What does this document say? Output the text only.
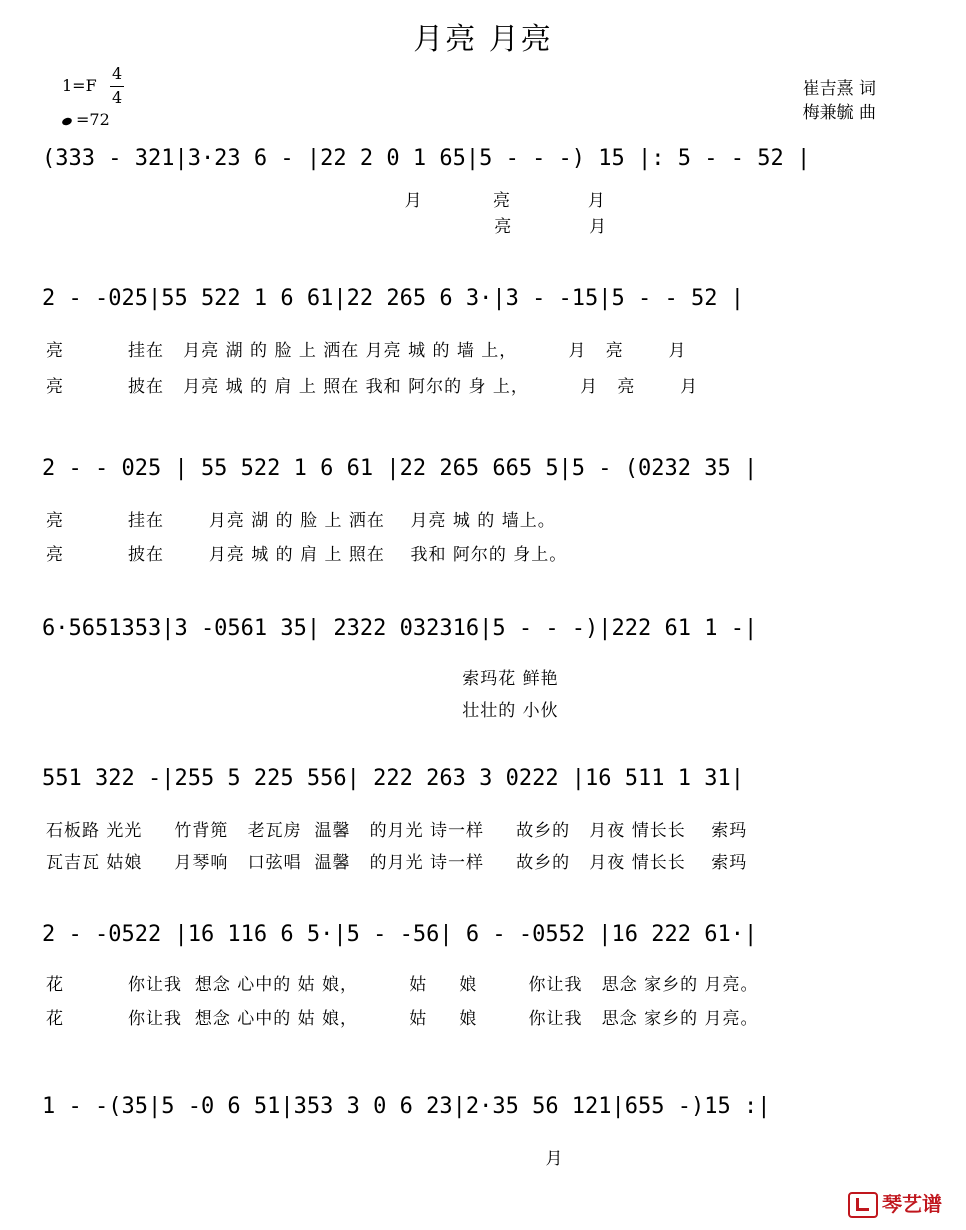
月亮 月亮
1=F
4
4
=72
崔吉熹 词
梅兼毓 曲
(333 - 321|3·23 6 - |22 2 0 1 65|5 - - -) 15 |: 5 - - 52 |
月           亮            月
亮            月
2 - -025|55 522 1 6 61|22 265 6 3·|3 - -15|5 - - 52 |
亮          挂在   月亮 湖 的 脸 上 洒在 月亮 城 的 墙 上，        月   亮       月
亮          披在   月亮 城 的 肩 上 照在 我和 阿尔的 身 上，        月   亮       月
2 - - 025 | 55 522 1 6 61 |22 265 665 5|5 - (0232 35 |
亮          挂在       月亮 湖 的 脸 上 洒在    月亮 城 的 墙上。
亮          披在       月亮 城 的 肩 上 照在    我和 阿尔的 身上。
6·5651353|3 -0561 35| 2322 032316|5 - - -)|222 61 1 -|
索玛花 鲜艳
壮壮的 小伙
551 322 -|255 5 225 556| 222 263 3 0222 |16 511 1 31|
石板路 光光     竹背篼   老瓦房  温馨   的月光 诗一样     故乡的   月夜 情长长    索玛
瓦吉瓦 姑娘     月琴响   口弦唱  温馨   的月光 诗一样     故乡的   月夜 情长长    索玛
2 - -0522 |16 116 6 5·|5 - -56| 6 - -0552 |16 222 61·|
花          你让我  想念 心中的 姑 娘，        姑     娘        你让我   思念 家乡的 月亮。
花          你让我  想念 心中的 姑 娘，        姑     娘        你让我   思念 家乡的 月亮。
1 - -(35|5 -0 6 51|353 3 0 6 23|2·35 56 121|655 -)15 :|
月

琴艺谱
